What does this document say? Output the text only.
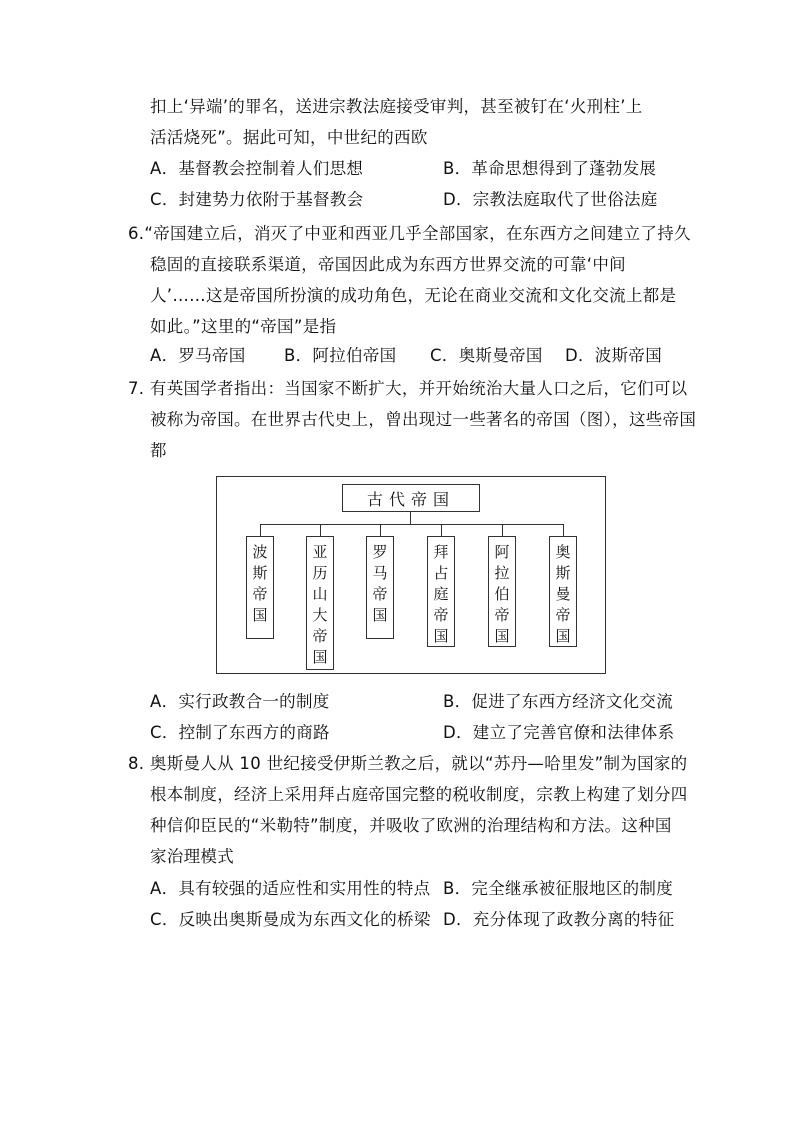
扣上‘异端’的罪名，送进宗教法庭接受审判，甚至被钉在‘火刑柱’上
活活烧死”。据此可知，中世纪的西欧
A．基督教会控制着人们思想	B．革命思想得到了蓬勃发展
C．封建势力依附于基督教会	D．宗教法庭取代了世俗法庭
6.“帝国建立后，消灭了中亚和西亚几乎全部国家，在东西方之间建立了持久
稳固的直接联系渠道，帝国因此成为东西方世界交流的可靠‘中间
人’……这是帝国所扮演的成功角色，无论在商业交流和文化交流上都是
如此。”这里的“帝国”是指
A．罗马帝国 B．阿拉伯帝国 C．奥斯曼帝国 D．波斯帝国
7. 有英国学者指出：当国家不断扩大，并开始统治大量人口之后，它们可以
被称为帝国。在世界古代史上，曾出现过一些著名的帝国（图），这些帝国
都
古代帝国
波
斯
帝
国
亚
历
山
大
帝
国
罗
马
帝
国
拜
占
庭
帝
国
阿
拉
伯
帝
国
奥
斯
曼
帝
国
A．实行政教合一的制度	B．促进了东西方经济文化交流
C．控制了东西方的商路	D．建立了完善官僚和法律体系
8. 奥斯曼人从 10 世纪接受伊斯兰教之后，就以“苏丹—哈里发”制为国家的
根本制度，经济上采用拜占庭帝国完整的税收制度，宗教上构建了划分四
种信仰臣民的“米勒特”制度，并吸收了欧洲的治理结构和方法。这种国
家治理模式
A．具有较强的适应性和实用性的特点 B．完全继承被征服地区的制度
C．反映出奥斯曼成为东西文化的桥梁 D．充分体现了政教分离的特征
